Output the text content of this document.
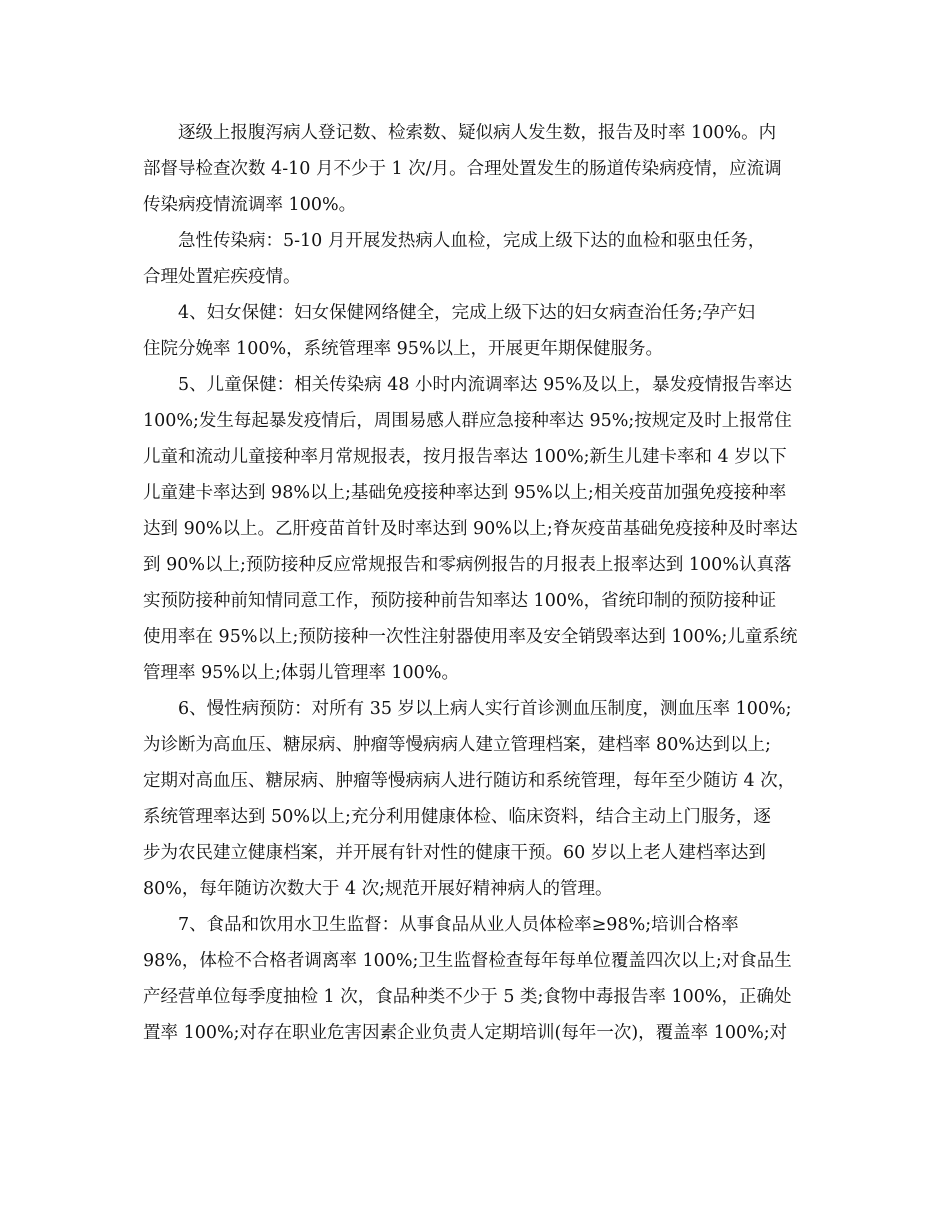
逐级上报腹泻病人登记数、检索数、疑似病人发生数，报告及时率 100%。内

部督导检查次数 4-10 月不少于 1 次/月。合理处置发生的肠道传染病疫情，应流调

传染病疫情流调率 100%。

急性传染病：5-10 月开展发热病人血检，完成上级下达的血检和驱虫任务，

合理处置疟疾疫情。

4、妇女保健：妇女保健网络健全，完成上级下达的妇女病查治任务;孕产妇

住院分娩率 100%，系统管理率 95%以上，开展更年期保健服务。

5、儿童保健：相关传染病 48 小时内流调率达 95%及以上，暴发疫情报告率达

100%;发生每起暴发疫情后，周围易感人群应急接种率达 95%;按规定及时上报常住

儿童和流动儿童接种率月常规报表，按月报告率达 100%;新生儿建卡率和 4 岁以下

儿童建卡率达到 98%以上;基础免疫接种率达到 95%以上;相关疫苗加强免疫接种率

达到 90%以上。乙肝疫苗首针及时率达到 90%以上;脊灰疫苗基础免疫接种及时率达

到 90%以上;预防接种反应常规报告和零病例报告的月报表上报率达到 100%认真落

实预防接种前知情同意工作，预防接种前告知率达 100%，省统印制的预防接种证

使用率在 95%以上;预防接种一次性注射器使用率及安全销毁率达到 100%;儿童系统

管理率 95%以上;体弱儿管理率 100%。

6、慢性病预防：对所有 35 岁以上病人实行首诊测血压制度，测血压率 100%;

为诊断为高血压、糖尿病、肿瘤等慢病病人建立管理档案，建档率 80%达到以上;

定期对高血压、糖尿病、肿瘤等慢病病人进行随访和系统管理，每年至少随访 4 次，

系统管理率达到 50%以上;充分利用健康体检、临床资料，结合主动上门服务，逐

步为农民建立健康档案，并开展有针对性的健康干预。60 岁以上老人建档率达到

80%，每年随访次数大于 4 次;规范开展好精神病人的管理。

7、食品和饮用水卫生监督：从事食品从业人员体检率≥98%;培训合格率

98%，体检不合格者调离率 100%;卫生监督检查每年每单位覆盖四次以上;对食品生

产经营单位每季度抽检 1 次，食品种类不少于 5 类;食物中毒报告率 100%，正确处

置率 100%;对存在职业危害因素企业负责人定期培训(每年一次)，覆盖率 100%;对
